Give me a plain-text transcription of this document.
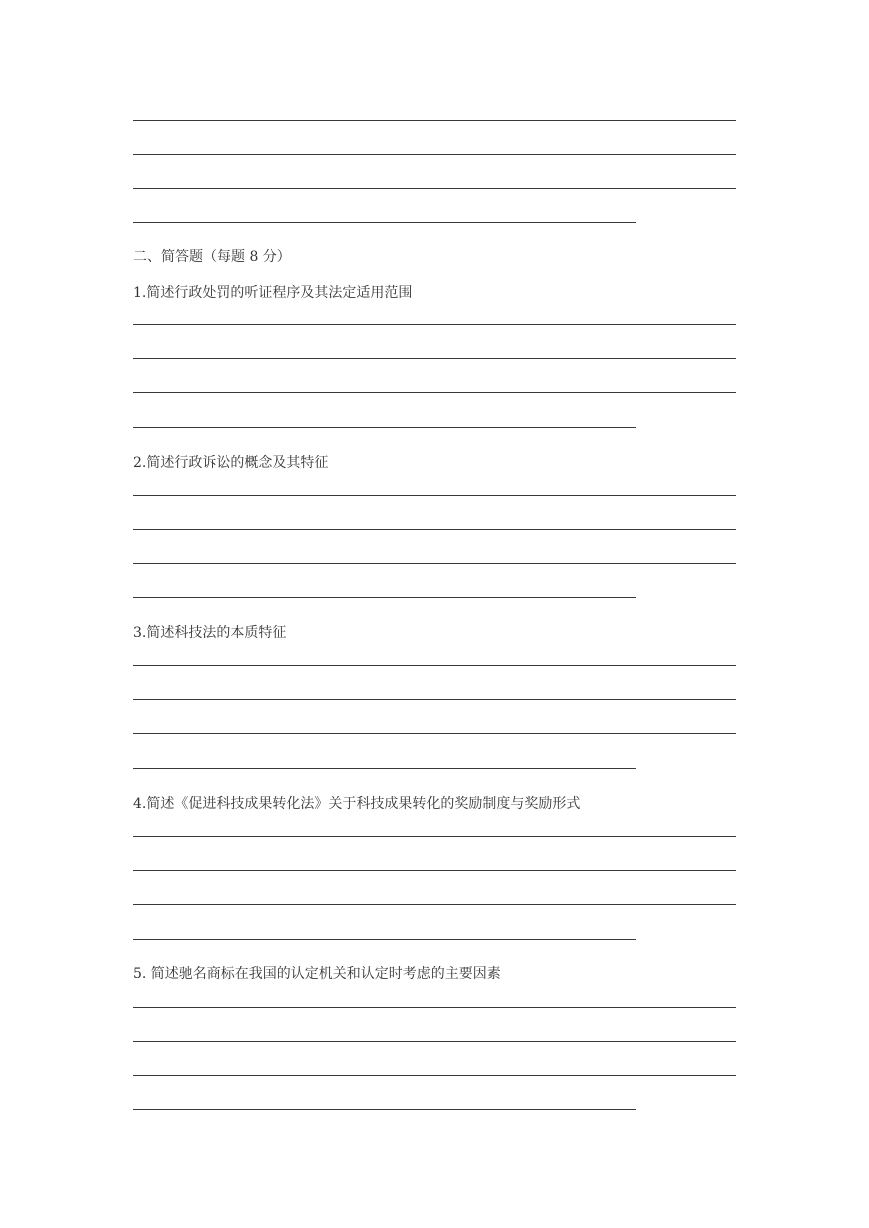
二、简答题（每题 8 分）
1.简述行政处罚的听证程序及其法定适用范围
2.简述行政诉讼的概念及其特征
3.简述科技法的本质特征
4.简述《促进科技成果转化法》关于科技成果转化的奖励制度与奖励形式
5. 简述驰名商标在我国的认定机关和认定时考虑的主要因素
